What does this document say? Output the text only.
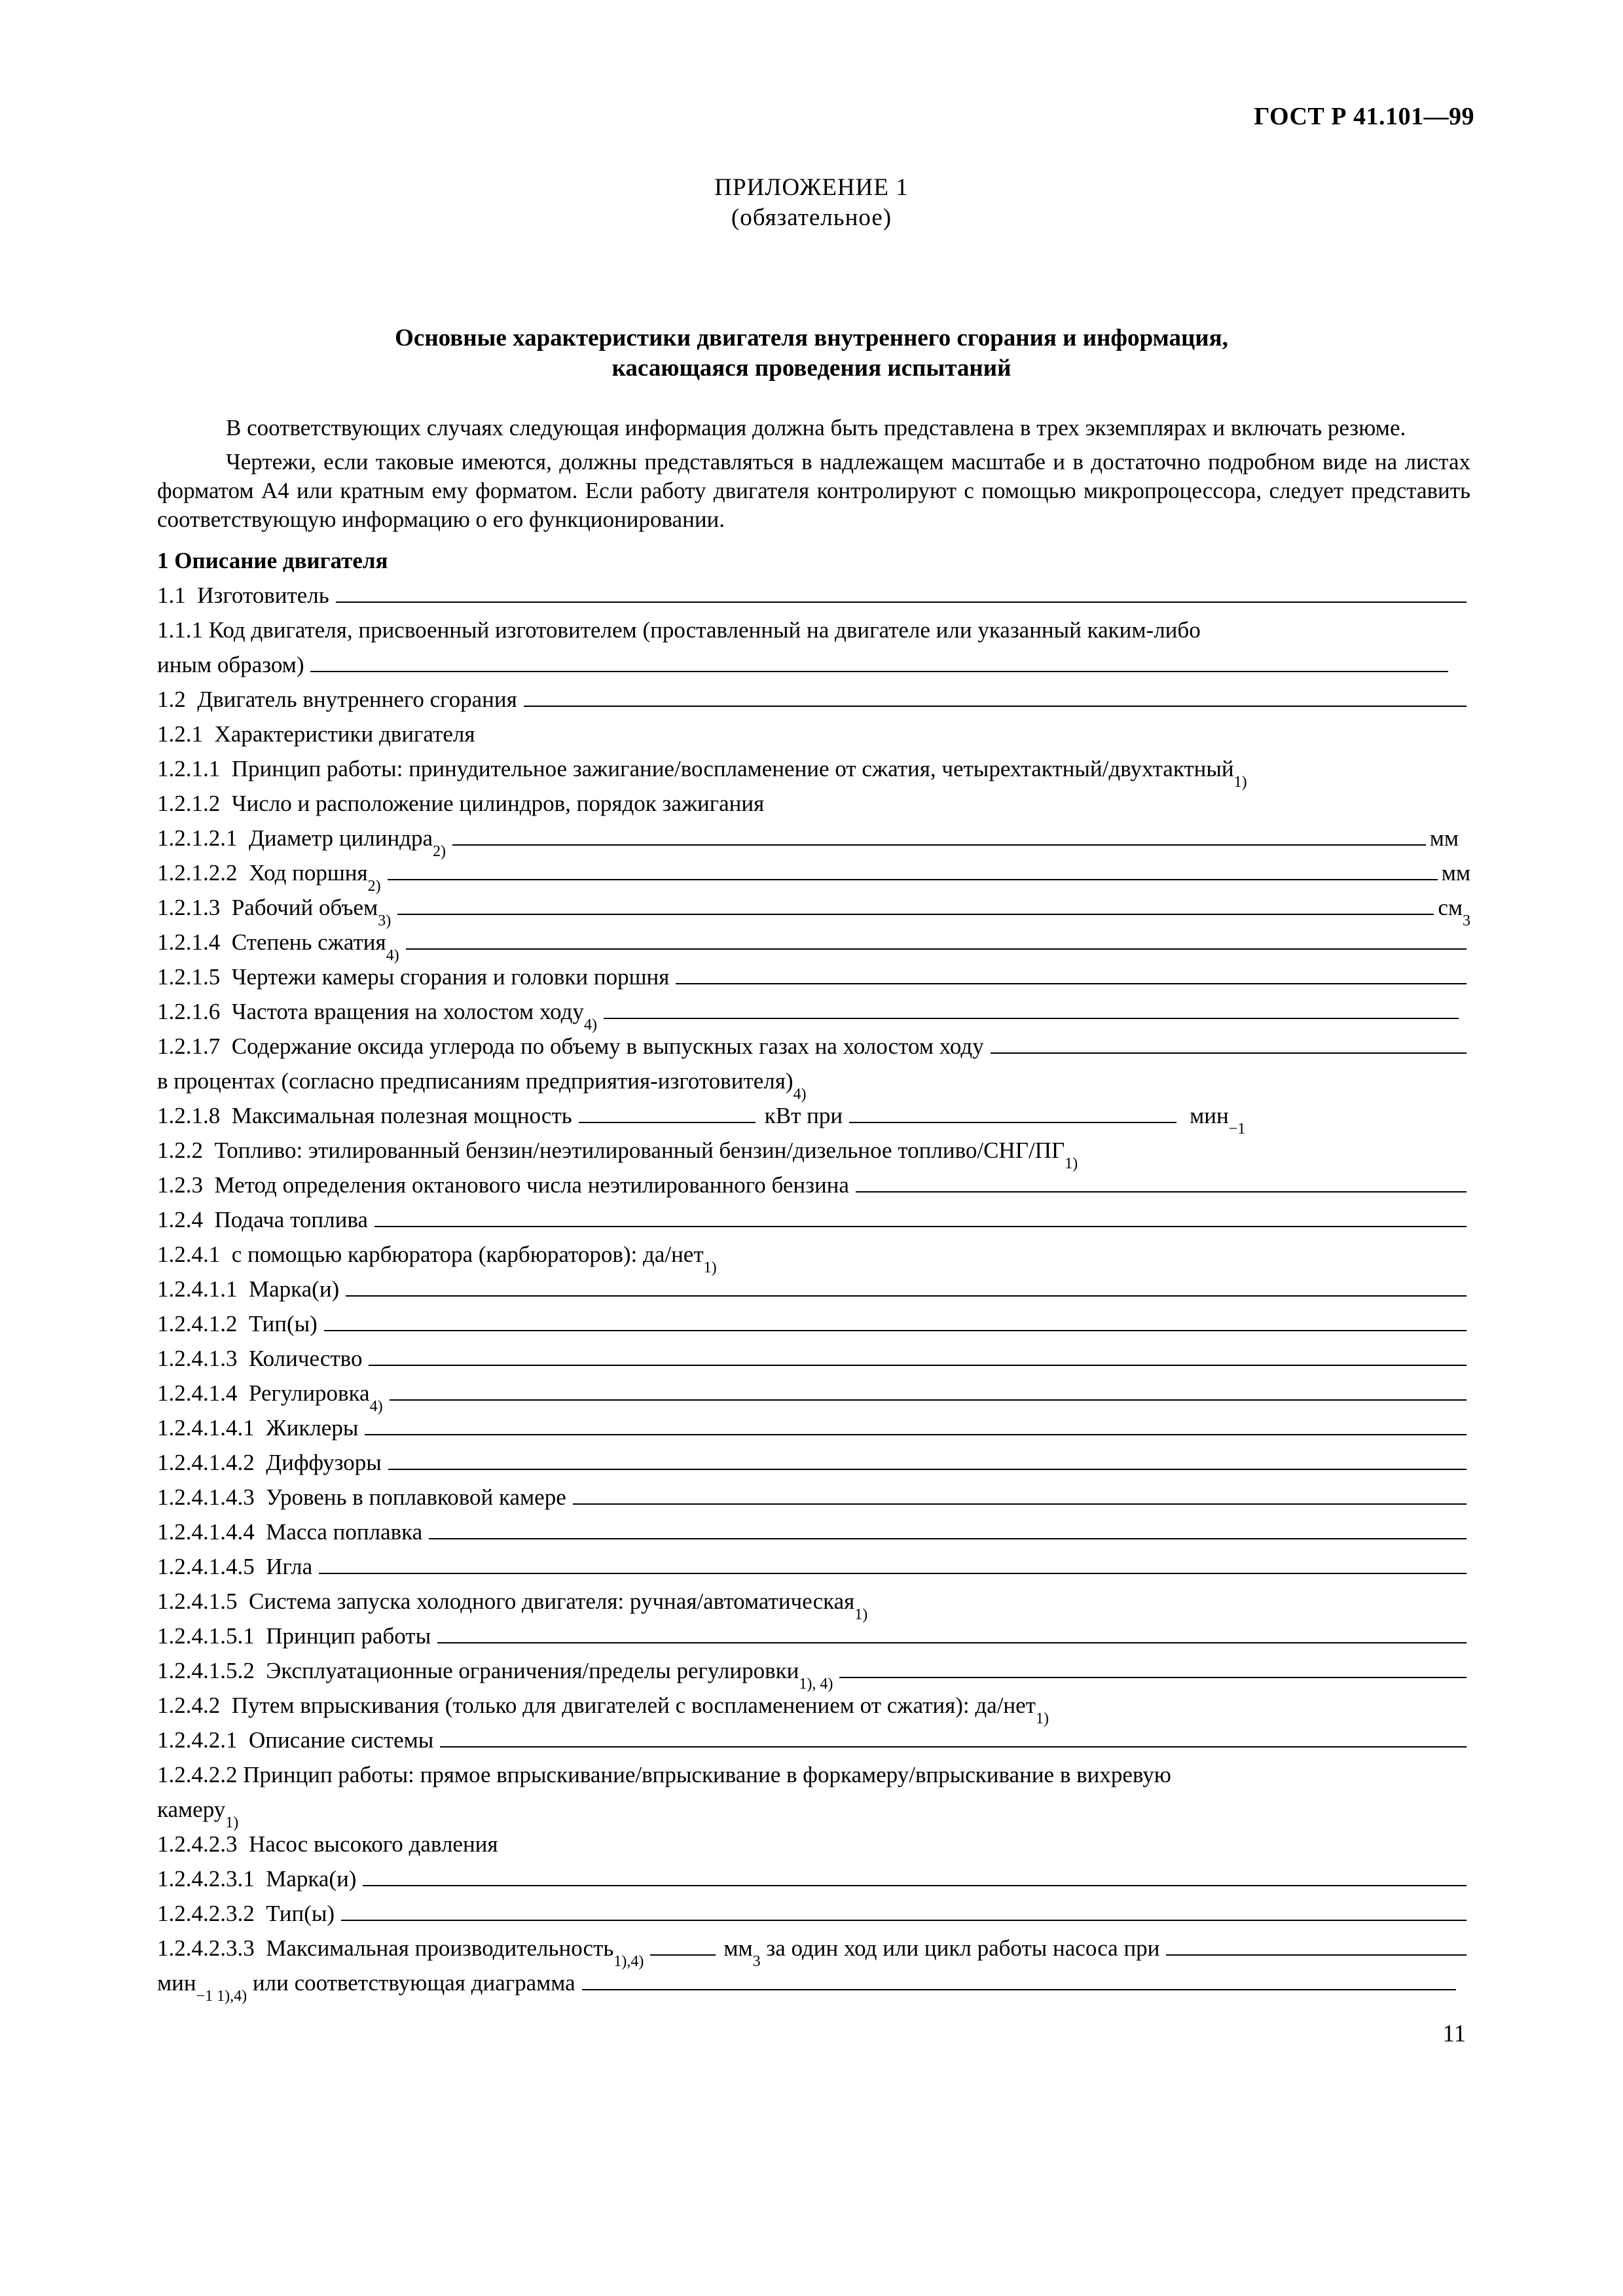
ГОСТ Р 41.101—99
ПРИЛОЖЕНИЕ 1
(обязательное)
Основные характеристики двигателя внутреннего сгорания и информация,
касающаяся проведения испытаний

В соответствующих случаях следующая информация должна быть представлена в трех экземплярах и включать резюме.

Чертежи, если таковые имеются, должны представляться в надлежащем масштабе и в достаточно подробном виде на листах форматом А4 или кратным ему форматом. Если работу двигателя контролируют с помощью микропроцессора, следует представить соответствующую информацию о его функционировании.

1 Описание двигателя
1.1  Изготовитель
1.1.1 Код двигателя, присвоенный изготовителем (проставленный на двигателе или указанный каким-либо
иным образом)
1.2  Двигатель внутреннего сгорания
1.2.1  Характеристики двигателя
1.2.1.1  Принцип работы: принудительное зажигание/воспламенение от сжатия, четырехтактный/двухтактный
1)
1.2.1.2  Число и расположение цилиндров, порядок зажигания
1.2.1.2.1  Диаметр цилиндра
2)
мм
1.2.1.2.2  Ход поршня
2)
мм
1.2.1.3  Рабочий объем
3)
см
3
1.2.1.4  Степень сжатия
4)
1.2.1.5  Чертежи камеры сгорания и головки поршня
1.2.1.6  Частота вращения на холостом ходу
4)
1.2.1.7  Содержание оксида углерода по объему в выпускных газах на холостом ходу
в процентах (согласно предписаниям предприятия-изготовителя)
4)
1.2.1.8  Максимальная полезная мощность	кВт при	мин
−1
1.2.2  Топливо: этилированный бензин/неэтилированный бензин/дизельное топливо/СНГ/ПГ
1)
1.2.3  Метод определения октанового числа неэтилированного бензина
1.2.4  Подача топлива
1.2.4.1  с помощью карбюратора (карбюраторов): да/нет
1)
1.2.4.1.1  Марка(и)
1.2.4.1.2  Тип(ы)
1.2.4.1.3  Количество
1.2.4.1.4  Регулировка
4)
1.2.4.1.4.1  Жиклеры
1.2.4.1.4.2  Диффузоры
1.2.4.1.4.3  Уровень в поплавковой камере
1.2.4.1.4.4  Масса поплавка
1.2.4.1.4.5  Игла
1.2.4.1.5  Система запуска холодного двигателя: ручная/автоматическая
1)
1.2.4.1.5.1  Принцип работы
1.2.4.1.5.2  Эксплуатационные ограничения/пределы регулировки
1), 4)
1.2.4.2  Путем впрыскивания (только для двигателей с воспламенением от сжатия): да/нет
1)
1.2.4.2.1  Описание системы
1.2.4.2.2 Принцип работы: прямое впрыскивание/впрыскивание в форкамеру/впрыскивание в вихревую
камеру
1)
1.2.4.2.3  Насос высокого давления
1.2.4.2.3.1  Марка(и)
1.2.4.2.3.2  Тип(ы)
1.2.4.2.3.3  Максимальная производительность
1),4)
мм
3
за один ход или цикл работы насоса при
мин
−1 1),4)
или соответствующая диаграмма
11
